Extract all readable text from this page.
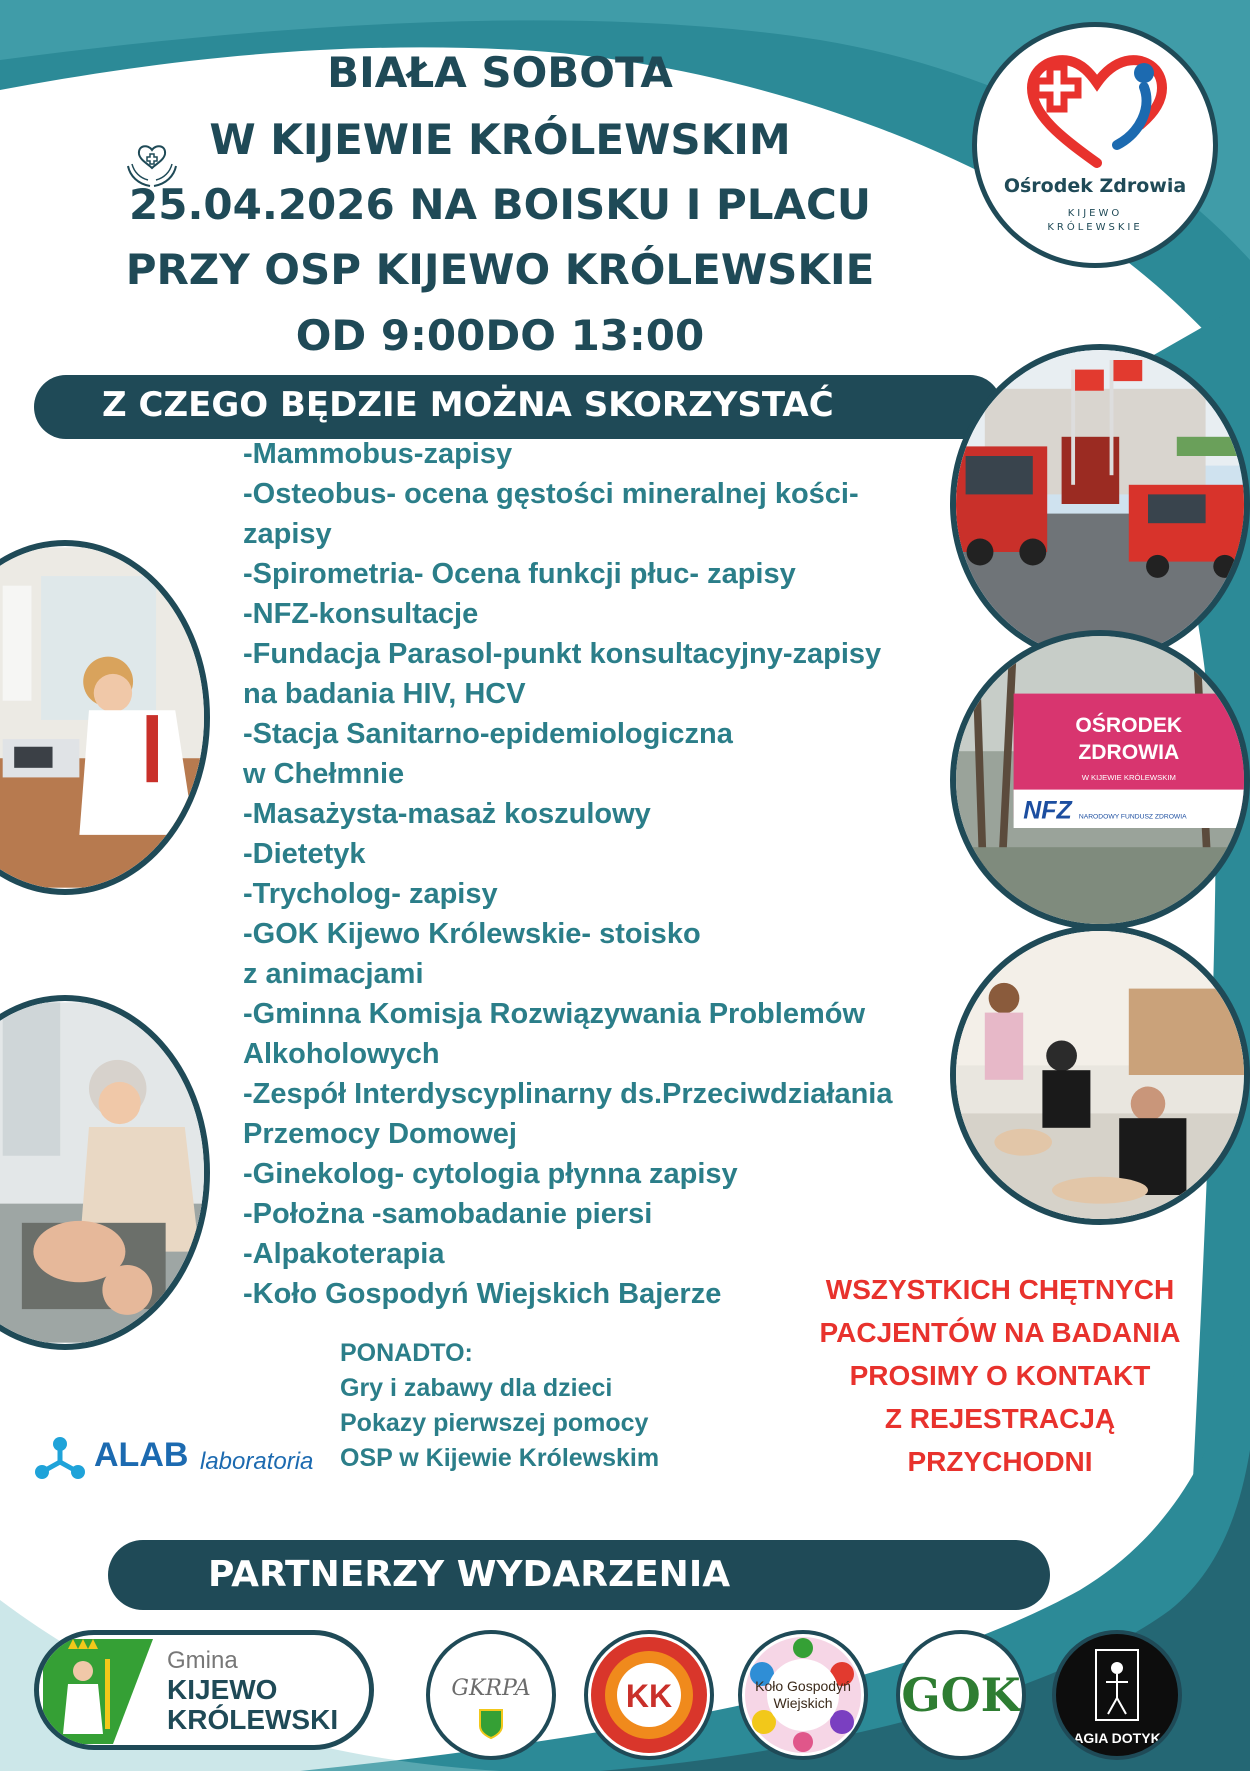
BIAŁA SOBOTA
W KIJEWIE KRÓLEWSKIM
25.04.2026 NA BOISKU I PLACU
PRZY OSP KIJEWO KRÓLEWSKIE
OD 9:00DO 13:00
Ośrodek Zdrowia
KIJEWO
KRÓLEWSKIE
Z CZEGO BĘDZIE MOŻNA SKORZYSTAĆ
-Mammobus-zapisy
-Osteobus- ocena gęstości mineralnej kości-
zapisy
-Spirometria- Ocena funkcji płuc- zapisy
-NFZ-konsultacje
-Fundacja Parasol-punkt konsultacyjny-zapisy
na badania HIV, HCV
-Stacja Sanitarno-epidemiologiczna
w Chełmnie
-Masażysta-masaż koszulowy
-Dietetyk
-Trycholog- zapisy
-GOK Kijewo Królewskie- stoisko
z animacjami
-Gminna Komisja Rozwiązywania Problemów
Alkoholowych
-Zespół Interdyscyplinarny ds.Przeciwdziałania
Przemocy Domowej
-Ginekolog- cytologia płynna zapisy
-Położna -samobadanie piersi
-Alpakoterapia
-Koło Gospodyń Wiejskich Bajerze
OŚRODEK
ZDROWIA
W KIJEWIE KRÓLEWSKIM
NFZ NARODOWY FUNDUSZ ZDROWIA
WSZYSTKICH CHĘTNYCH
PACJENTÓW NA BADANIA
PROSIMY O KONTAKT
Z REJESTRACJĄ
PRZYCHODNI
PONADTO:
Gry i zabawy dla dzieci
Pokazy pierwszej pomocy
OSP w Kijewie Królewskim
ALAB laboratoria
PARTNERZY WYDARZENIA
Gmina
KIJEWO
KRÓLEWSKI
GKRPA	KK	Koło Gospodyń
Wiejskich	GOK
AGIA DOTYK
